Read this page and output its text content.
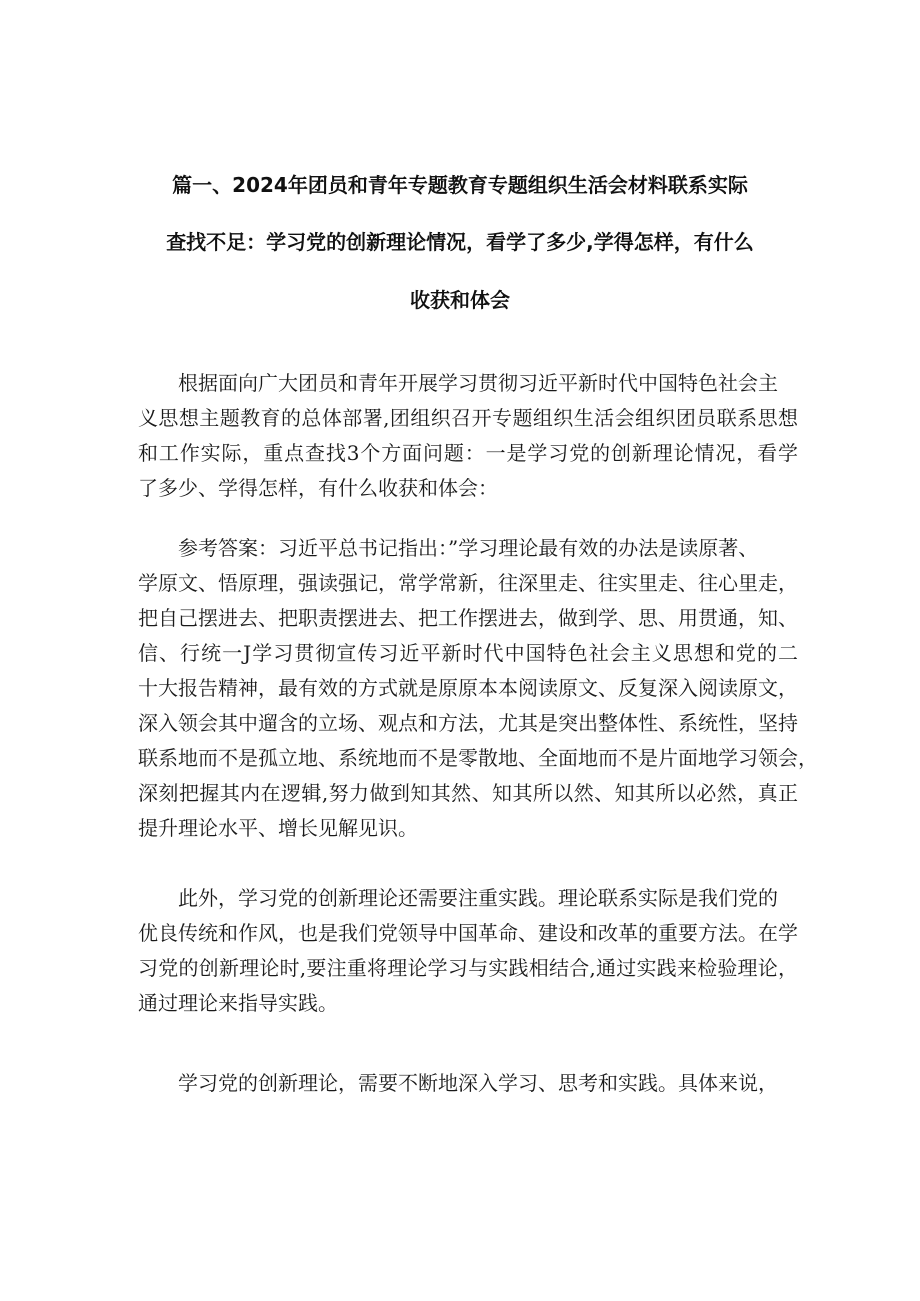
篇一、2024年团员和青年专题教育专题组织生活会材料联系实际
查找不足：学习党的创新理论情况，看学了多少,学得怎样，有什么
收获和体会
根据面向广大团员和青年开展学习贯彻习近平新时代中国特色社会主
义思想主题教育的总体部署,团组织召开专题组织生活会组织团员联系思想
和工作实际，重点查找3个方面问题：一是学习党的创新理论情况，看学
了多少、学得怎样，有什么收获和体会：
参考答案：习近平总书记指出：”学习理论最有效的办法是读原著、
学原文、悟原理，强读强记，常学常新，往深里走、往实里走、往心里走，
把自己摆进去、把职责摆进去、把工作摆进去，做到学、思、用贯通，知、
信、行统一J学习贯彻宣传习近平新时代中国特色社会主义思想和党的二
十大报告精神，最有效的方式就是原原本本阅读原文、反复深入阅读原文，
深入领会其中遛含的立场、观点和方法，尤其是突出整体性、系统性，坚持
联系地而不是孤立地、系统地而不是零散地、全面地而不是片面地学习领会，
深刻把握其内在逻辑,努力做到知其然、知其所以然、知其所以必然，真正
提升理论水平、增长见解见识。
此外，学习党的创新理论还需要注重实践。理论联系实际是我们党的
优良传统和作风，也是我们党领导中国革命、建设和改革的重要方法。在学
习党的创新理论时,要注重将理论学习与实践相结合,通过实践来检验理论，
通过理论来指导实践。
学习党的创新理论，需要不断地深入学习、思考和实践。具体来说，
